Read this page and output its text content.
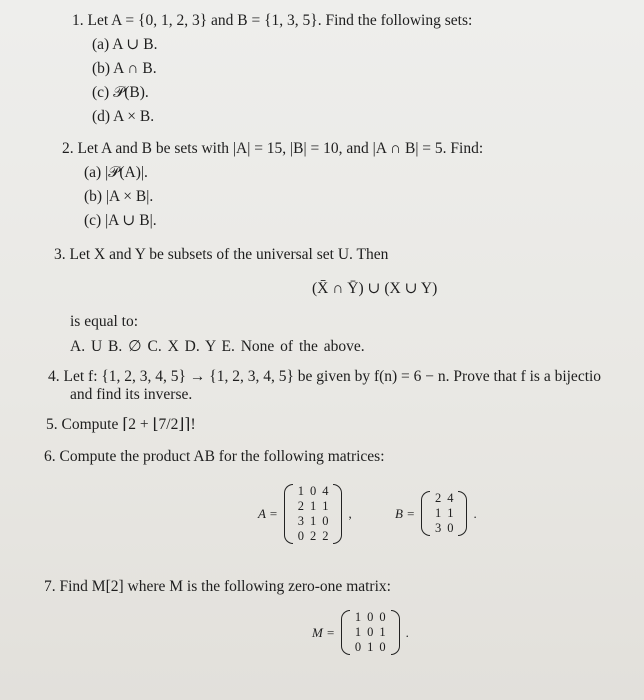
1. Let A = {0, 1, 2, 3} and B = {1, 3, 5}. Find the following sets:
(a) A ∪ B.
(b) A ∩ B.
(c) 𝒫(B).
(d) A × B.
2. Let A and B be sets with |A| = 15, |B| = 10, and |A ∩ B| = 5. Find:
(a) |𝒫(A)|.
(b) |A × B|.
(c) |A ∪ B|.
3. Let X and Y be subsets of the universal set U. Then
(X̄ ∩ Ȳ) ∪ (X ∪ Y)
is equal to:
A. U B. ∅ C. X D. Y E. None of the above.
4. Let f: {1, 2, 3, 4, 5} → {1, 2, 3, 4, 5} be given by f(n) = 6 − n. Prove that f is a bijectio
and find its inverse.
5. Compute ⌈2 + ⌊7/2⌋⌉!
6. Compute the product AB for the following matrices:
A =
1	0	4
2	1	1
3	1	0
0	2	2
,	B =
2	4
1	1
3	0
.
7. Find M[2] where M is the following zero-one matrix:
M =
1	0	0
1	0	1
0	1	0
.
